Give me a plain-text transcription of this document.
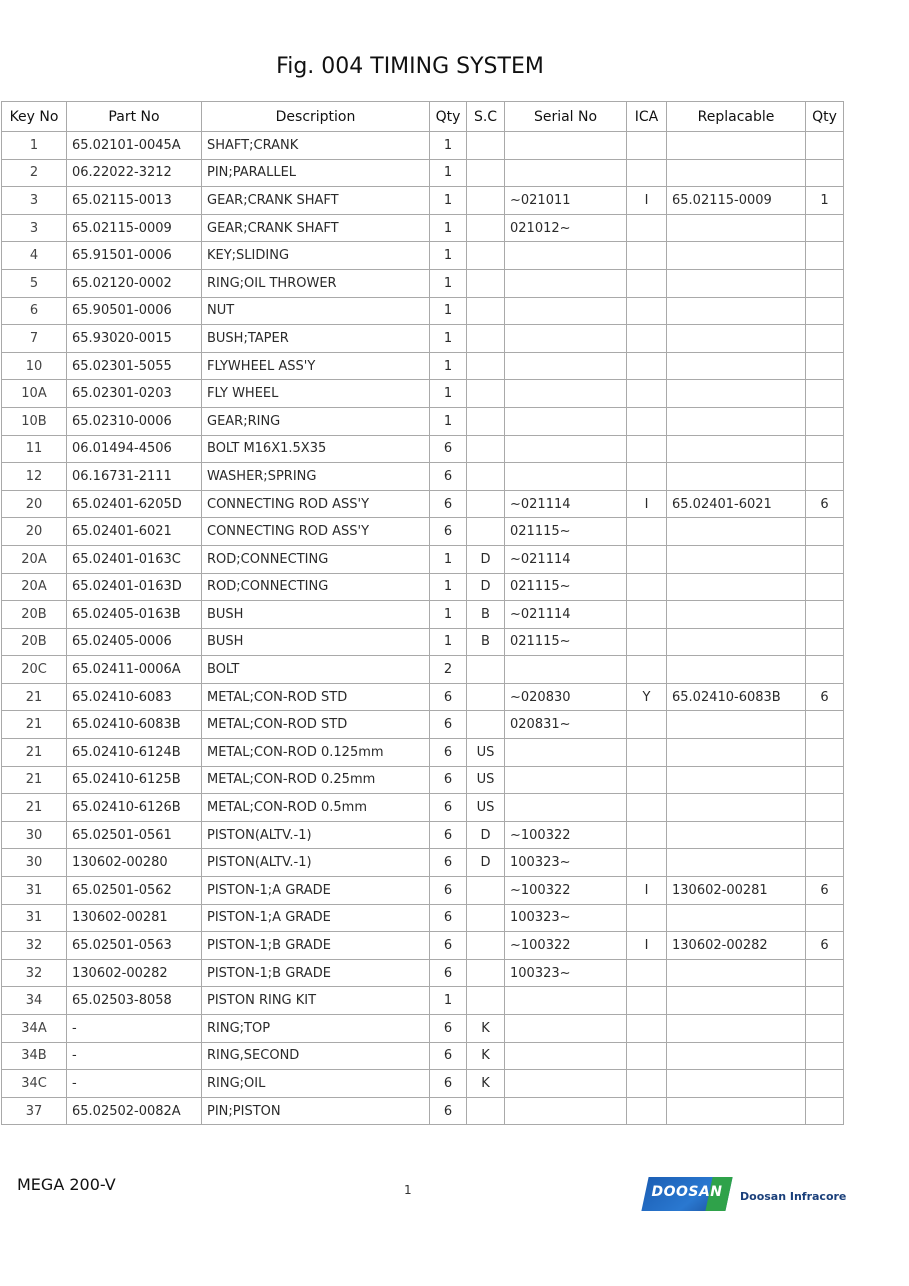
Fig. 004 TIMING SYSTEM
Key No	Part No	Description	Qty	S.C	Serial No	ICA	Replacable	Qty
1	65.02101-0045A	SHAFT;CRANK	1					
2	06.22022-3212	PIN;PARALLEL	1					
3	65.02115-0013	GEAR;CRANK SHAFT	1		~021011	I	65.02115-0009	1
3	65.02115-0009	GEAR;CRANK SHAFT	1		021012~			
4	65.91501-0006	KEY;SLIDING	1					
5	65.02120-0002	RING;OIL THROWER	1					
6	65.90501-0006	NUT	1					
7	65.93020-0015	BUSH;TAPER	1					
10	65.02301-5055	FLYWHEEL ASS'Y	1					
10A	65.02301-0203	FLY WHEEL	1					
10B	65.02310-0006	GEAR;RING	1					
11	06.01494-4506	BOLT M16X1.5X35	6					
12	06.16731-2111	WASHER;SPRING	6					
20	65.02401-6205D	CONNECTING ROD ASS'Y	6		~021114	I	65.02401-6021	6
20	65.02401-6021	CONNECTING ROD ASS'Y	6		021115~			
20A	65.02401-0163C	ROD;CONNECTING	1	D	~021114			
20A	65.02401-0163D	ROD;CONNECTING	1	D	021115~			
20B	65.02405-0163B	BUSH	1	B	~021114			
20B	65.02405-0006	BUSH	1	B	021115~			
20C	65.02411-0006A	BOLT	2					
21	65.02410-6083	METAL;CON-ROD STD	6		~020830	Y	65.02410-6083B	6
21	65.02410-6083B	METAL;CON-ROD STD	6		020831~			
21	65.02410-6124B	METAL;CON-ROD 0.125mm	6	US				
21	65.02410-6125B	METAL;CON-ROD 0.25mm	6	US				
21	65.02410-6126B	METAL;CON-ROD 0.5mm	6	US				
30	65.02501-0561	PISTON(ALTV.-1)	6	D	~100322			
30	130602-00280	PISTON(ALTV.-1)	6	D	100323~			
31	65.02501-0562	PISTON-1;A GRADE	6		~100322	I	130602-00281	6
31	130602-00281	PISTON-1;A GRADE	6		100323~			
32	65.02501-0563	PISTON-1;B GRADE	6		~100322	I	130602-00282	6
32	130602-00282	PISTON-1;B GRADE	6		100323~			
34	65.02503-8058	PISTON RING KIT	1					
34A	-	RING;TOP	6	K				
34B	-	RING,SECOND	6	K				
34C	-	RING;OIL	6	K				
37	65.02502-0082A	PIN;PISTON	6					
MEGA 200-V	1	DOOSAN Doosan Infracore
